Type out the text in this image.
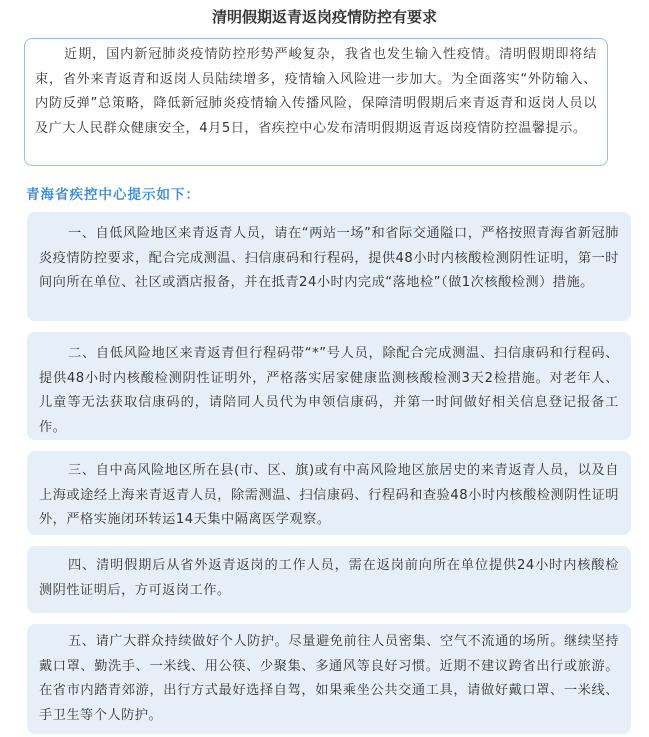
清明假期返青返岗疫情防控有要求
近期，国内新冠肺炎疫情防控形势严峻复杂，我省也发生输入性疫情。清明假期即将结束，省外来青返青和返岗人员陆续增多，疫情输入风险进一步加大。为全面落实“外防输入、内防反弹”总策略，降低新冠肺炎疫情输入传播风险，保障清明假期后来青返青和返岗人员以及广大人民群众健康安全，4月5日，省疾控中心发布清明假期返青返岗疫情防控温馨提示。
青海省疾控中心提示如下：
一、自低风险地区来青返青人员，请在“两站一场”和省际交通隘口，严格按照青海省新冠肺炎疫情防控要求，配合完成测温、扫信康码和行程码，提供48小时内核酸检测阴性证明，第一时间向所在单位、社区或酒店报备，并在抵青24小时内完成“落地检”（做1次核酸检测）措施。
二、自低风险地区来青返青但行程码带“*”号人员，除配合完成测温、扫信康码和行程码、提供48小时内核酸检测阴性证明外，严格落实居家健康监测核酸检测3天2检措施。对老年人、儿童等无法获取信康码的，请陪同人员代为申领信康码，并第一时间做好相关信息登记报备工作。
三、自中高风险地区所在县(市、区、旗)或有中高风险地区旅居史的来青返青人员，以及自上海或途经上海来青返青人员，除需测温、扫信康码、行程码和查验48小时内核酸检测阴性证明外，严格实施闭环转运14天集中隔离医学观察。
四、清明假期后从省外返青返岗的工作人员，需在返岗前向所在单位提供24小时内核酸检测阴性证明后，方可返岗工作。
五、请广大群众持续做好个人防护。尽量避免前往人员密集、空气不流通的场所。继续坚持戴口罩、勤洗手、一米线、用公筷、少聚集、多通风等良好习惯。近期不建议跨省出行或旅游。在省市内踏青郊游，出行方式最好选择自驾，如果乘坐公共交通工具，请做好戴口罩、一米线、手卫生等个人防护。
